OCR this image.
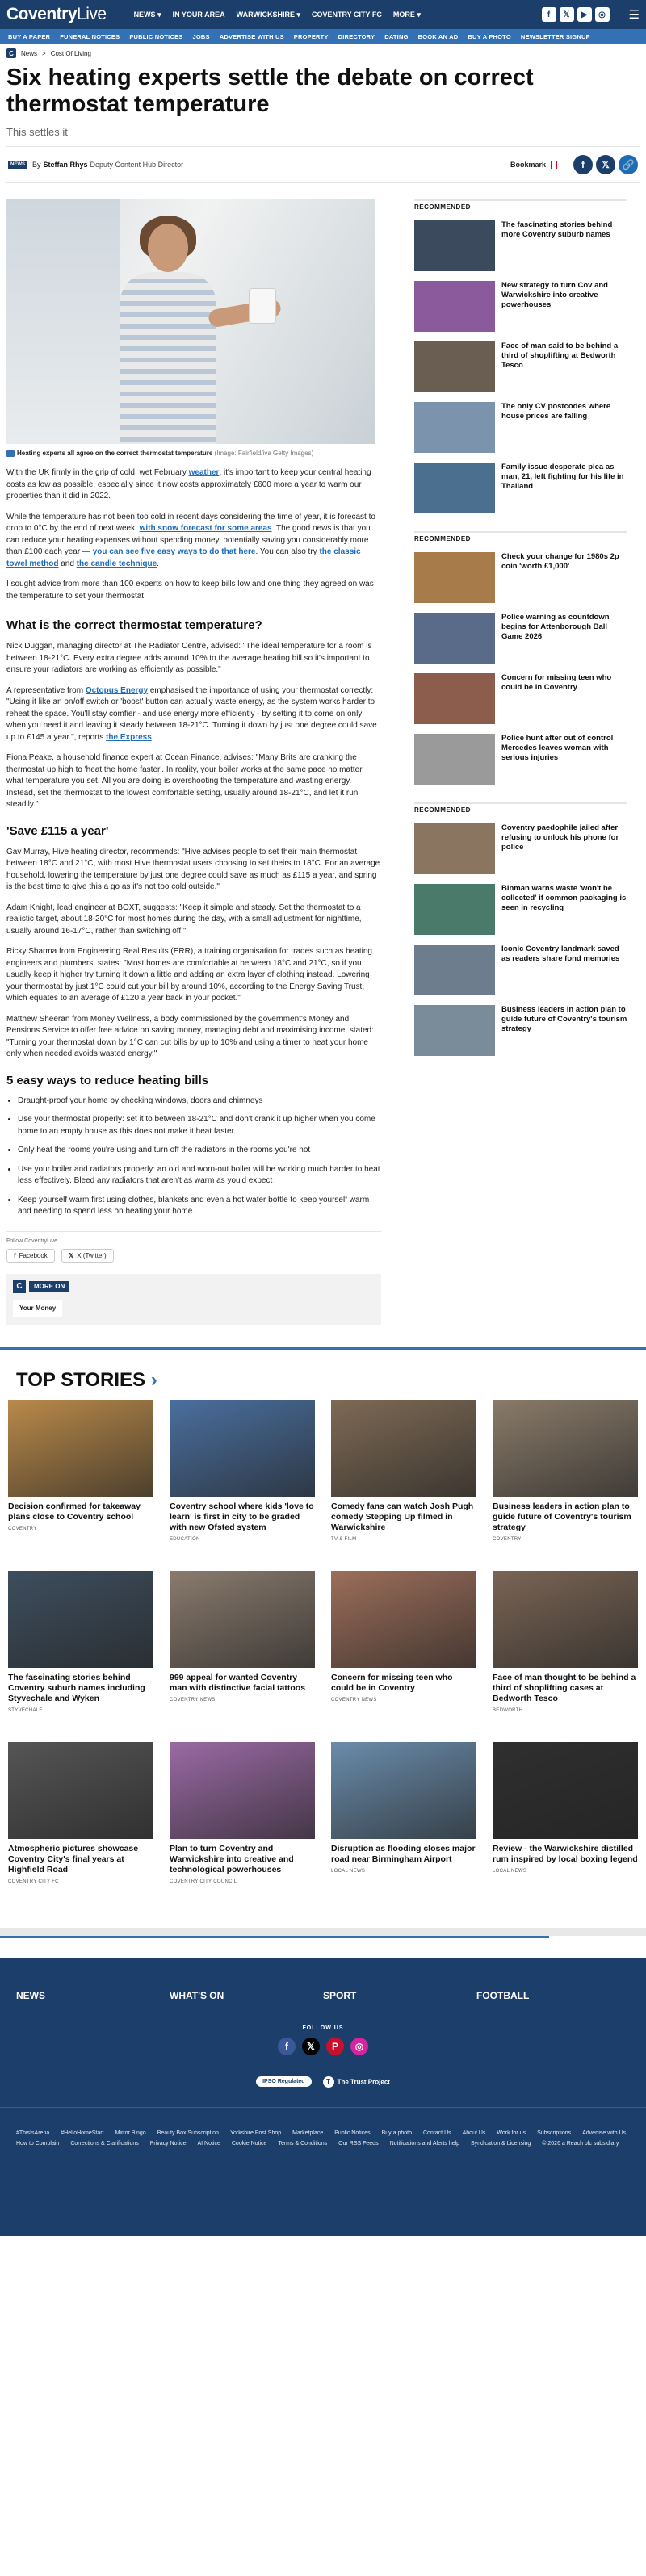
CoventryLive	NEWS ▾ IN YOUR AREA WARWICKSHIRE ▾ COVENTRY CITY FC MORE ▾	f	𝕏	▶	◎	☰
BUY A PAPER FUNERAL NOTICES PUBLIC NOTICES JOBS ADVERTISE WITH US PROPERTY DIRECTORY DATING BOOK AN AD BUY A PHOTO NEWSLETTER SIGNUP
C	News > Cost Of Living
Six heating experts settle the debate on correct thermostat temperature
This settles it
NEWS	By Steffan Rhys Deputy Content Hub Director	Bookmark	f	𝕏	🔗
Heating experts all agree on the correct thermostat temperature (Image: Fairfield/iva Getty Images)

With the UK firmly in the grip of cold, wet February weather, it's important to keep your central heating costs as low as possible, especially since it now costs approximately £600 more a year to warm our properties than it did in 2022.

While the temperature has not been too cold in recent days considering the time of year, it is forecast to drop to 0°C by the end of next week, with snow forecast for some areas. The good news is that you can reduce your heating expenses without spending money, potentially saving you considerably more than £100 each year — you can see five easy ways to do that here. You can also try the classic towel method and the candle technique.

I sought advice from more than 100 experts on how to keep bills low and one thing they agreed on was the temperature to set your thermostat.

What is the correct thermostat temperature?

Nick Duggan, managing director at The Radiator Centre, advised: "The ideal temperature for a room is between 18-21°C. Every extra degree adds around 10% to the average heating bill so it's important to ensure your radiators are working as efficiently as possible."

A representative from Octopus Energy emphasised the importance of using your thermostat correctly: "Using it like an on/off switch or 'boost' button can actually waste energy, as the system works harder to reheat the space. You'll stay comfier - and use energy more efficiently - by setting it to come on only when you need it and leaving it steady between 18-21°C. Turning it down by just one degree could save up to £145 a year.", reports the Express.

Fiona Peake, a household finance expert at Ocean Finance, advises: "Many Brits are cranking the thermostat up high to 'heat the home faster'. In reality, your boiler works at the same pace no matter what temperature you set. All you are doing is overshooting the temperature and wasting energy. Instead, set the thermostat to the lowest comfortable setting, usually around 18-21°C, and let it run steadily."

'Save £115 a year'

Gav Murray, Hive heating director, recommends: "Hive advises people to set their main thermostat between 18°C and 21°C, with most Hive thermostat users choosing to set theirs to 18°C. For an average household, lowering the temperature by just one degree could save as much as £115 a year, and spring is the best time to give this a go as it's not too cold outside."

Adam Knight, lead engineer at BOXT, suggests: "Keep it simple and steady. Set the thermostat to a realistic target, about 18-20°C for most homes during the day, with a small adjustment for nighttime, usually around 16-17°C, rather than switching off."

Ricky Sharma from Engineering Real Results (ERR), a training organisation for trades such as heating engineers and plumbers, states: "Most homes are comfortable at between 18°C and 21°C, so if you usually keep it higher try turning it down a little and adding an extra layer of clothing instead. Lowering your thermostat by just 1°C could cut your bill by around 10%, according to the Energy Saving Trust, which equates to an average of £120 a year back in your pocket."

Matthew Sheeran from Money Wellness, a body commissioned by the government's Money and Pensions Service to offer free advice on saving money, managing debt and maximising income, stated: "Turning your thermostat down by 1°C can cut bills by up to 10% and using a timer to heat your home only when needed avoids wasted energy."

5 easy ways to reduce heating bills
• Draught-proof your home by checking windows, doors and chimneys
• Use your thermostat properly: set it to between 18-21°C and don't crank it up higher when you come home to an empty house as this does not make it heat faster
• Only heat the rooms you're using and turn off the radiators in the rooms you're not
• Use your boiler and radiators properly: an old and worn-out boiler will be working much harder to heat less effectively. Bleed any radiators that aren't as warm as you'd expect
• Keep yourself warm first using clothes, blankets and even a hot water bottle to keep yourself warm and needing to spend less on heating your home.
Follow CoventryLive
f Facebook	𝕏 X (Twitter)
C	MORE ON
Your Money
RECOMMENDED
The fascinating stories behind more Coventry suburb names
New strategy to turn Cov and Warwickshire into creative powerhouses
Face of man said to be behind a third of shoplifting at Bedworth Tesco
The only CV postcodes where house prices are falling
Family issue desperate plea as man, 21, left fighting for his life in Thailand
RECOMMENDED
Check your change for 1980s 2p coin 'worth £1,000'
Police warning as countdown begins for Attenborough Ball Game 2026
Concern for missing teen who could be in Coventry
Police hunt after out of control Mercedes leaves woman with serious injuries
RECOMMENDED
Coventry paedophile jailed after refusing to unlock his phone for police
Binman warns waste 'won't be collected' if common packaging is seen in recycling
Iconic Coventry landmark saved as readers share fond memories
Business leaders in action plan to guide future of Coventry's tourism strategy
TOP STORIES ›
Decision confirmed for takeaway plans close to Coventry school
COVENTRY
Coventry school where kids 'love to learn' is first in city to be graded with new Ofsted system
EDUCATION
Comedy fans can watch Josh Pugh comedy Stepping Up filmed in Warwickshire
TV & FILM
Business leaders in action plan to guide future of Coventry's tourism strategy
COVENTRY
The fascinating stories behind Coventry suburb names including Styvechale and Wyken
STYVECHALE
999 appeal for wanted Coventry man with distinctive facial tattoos
COVENTRY NEWS
Concern for missing teen who could be in Coventry
COVENTRY NEWS
Face of man thought to be behind a third of shoplifting cases at Bedworth Tesco
BEDWORTH
Atmospheric pictures showcase Coventry City's final years at Highfield Road
COVENTRY CITY FC
Plan to turn Coventry and Warwickshire into creative and technological powerhouses
COVENTRY CITY COUNCIL
Disruption as flooding closes major road near Birmingham Airport
LOCAL NEWS
Review - the Warwickshire distilled rum inspired by local boxing legend
LOCAL NEWS
NEWS	WHAT'S ON	SPORT	FOOTBALL
FOLLOW US
f	𝕏	P	◎
IPSO Regulated	T The Trust Project
#ThisIsArena #HelloHomeStart Mirror Bingo Beauty Box Subscription Yorkshire Post Shop Marketplace Public Notices Buy a photo Contact Us About Us Work for us Subscriptions Advertise with Us
How to Complain Corrections & Clarifications Privacy Notice AI Notice Cookie Notice Terms & Conditions Our RSS Feeds Notifications and Alerts help Syndication & Licensing © 2026 a Reach plc subsidiary
